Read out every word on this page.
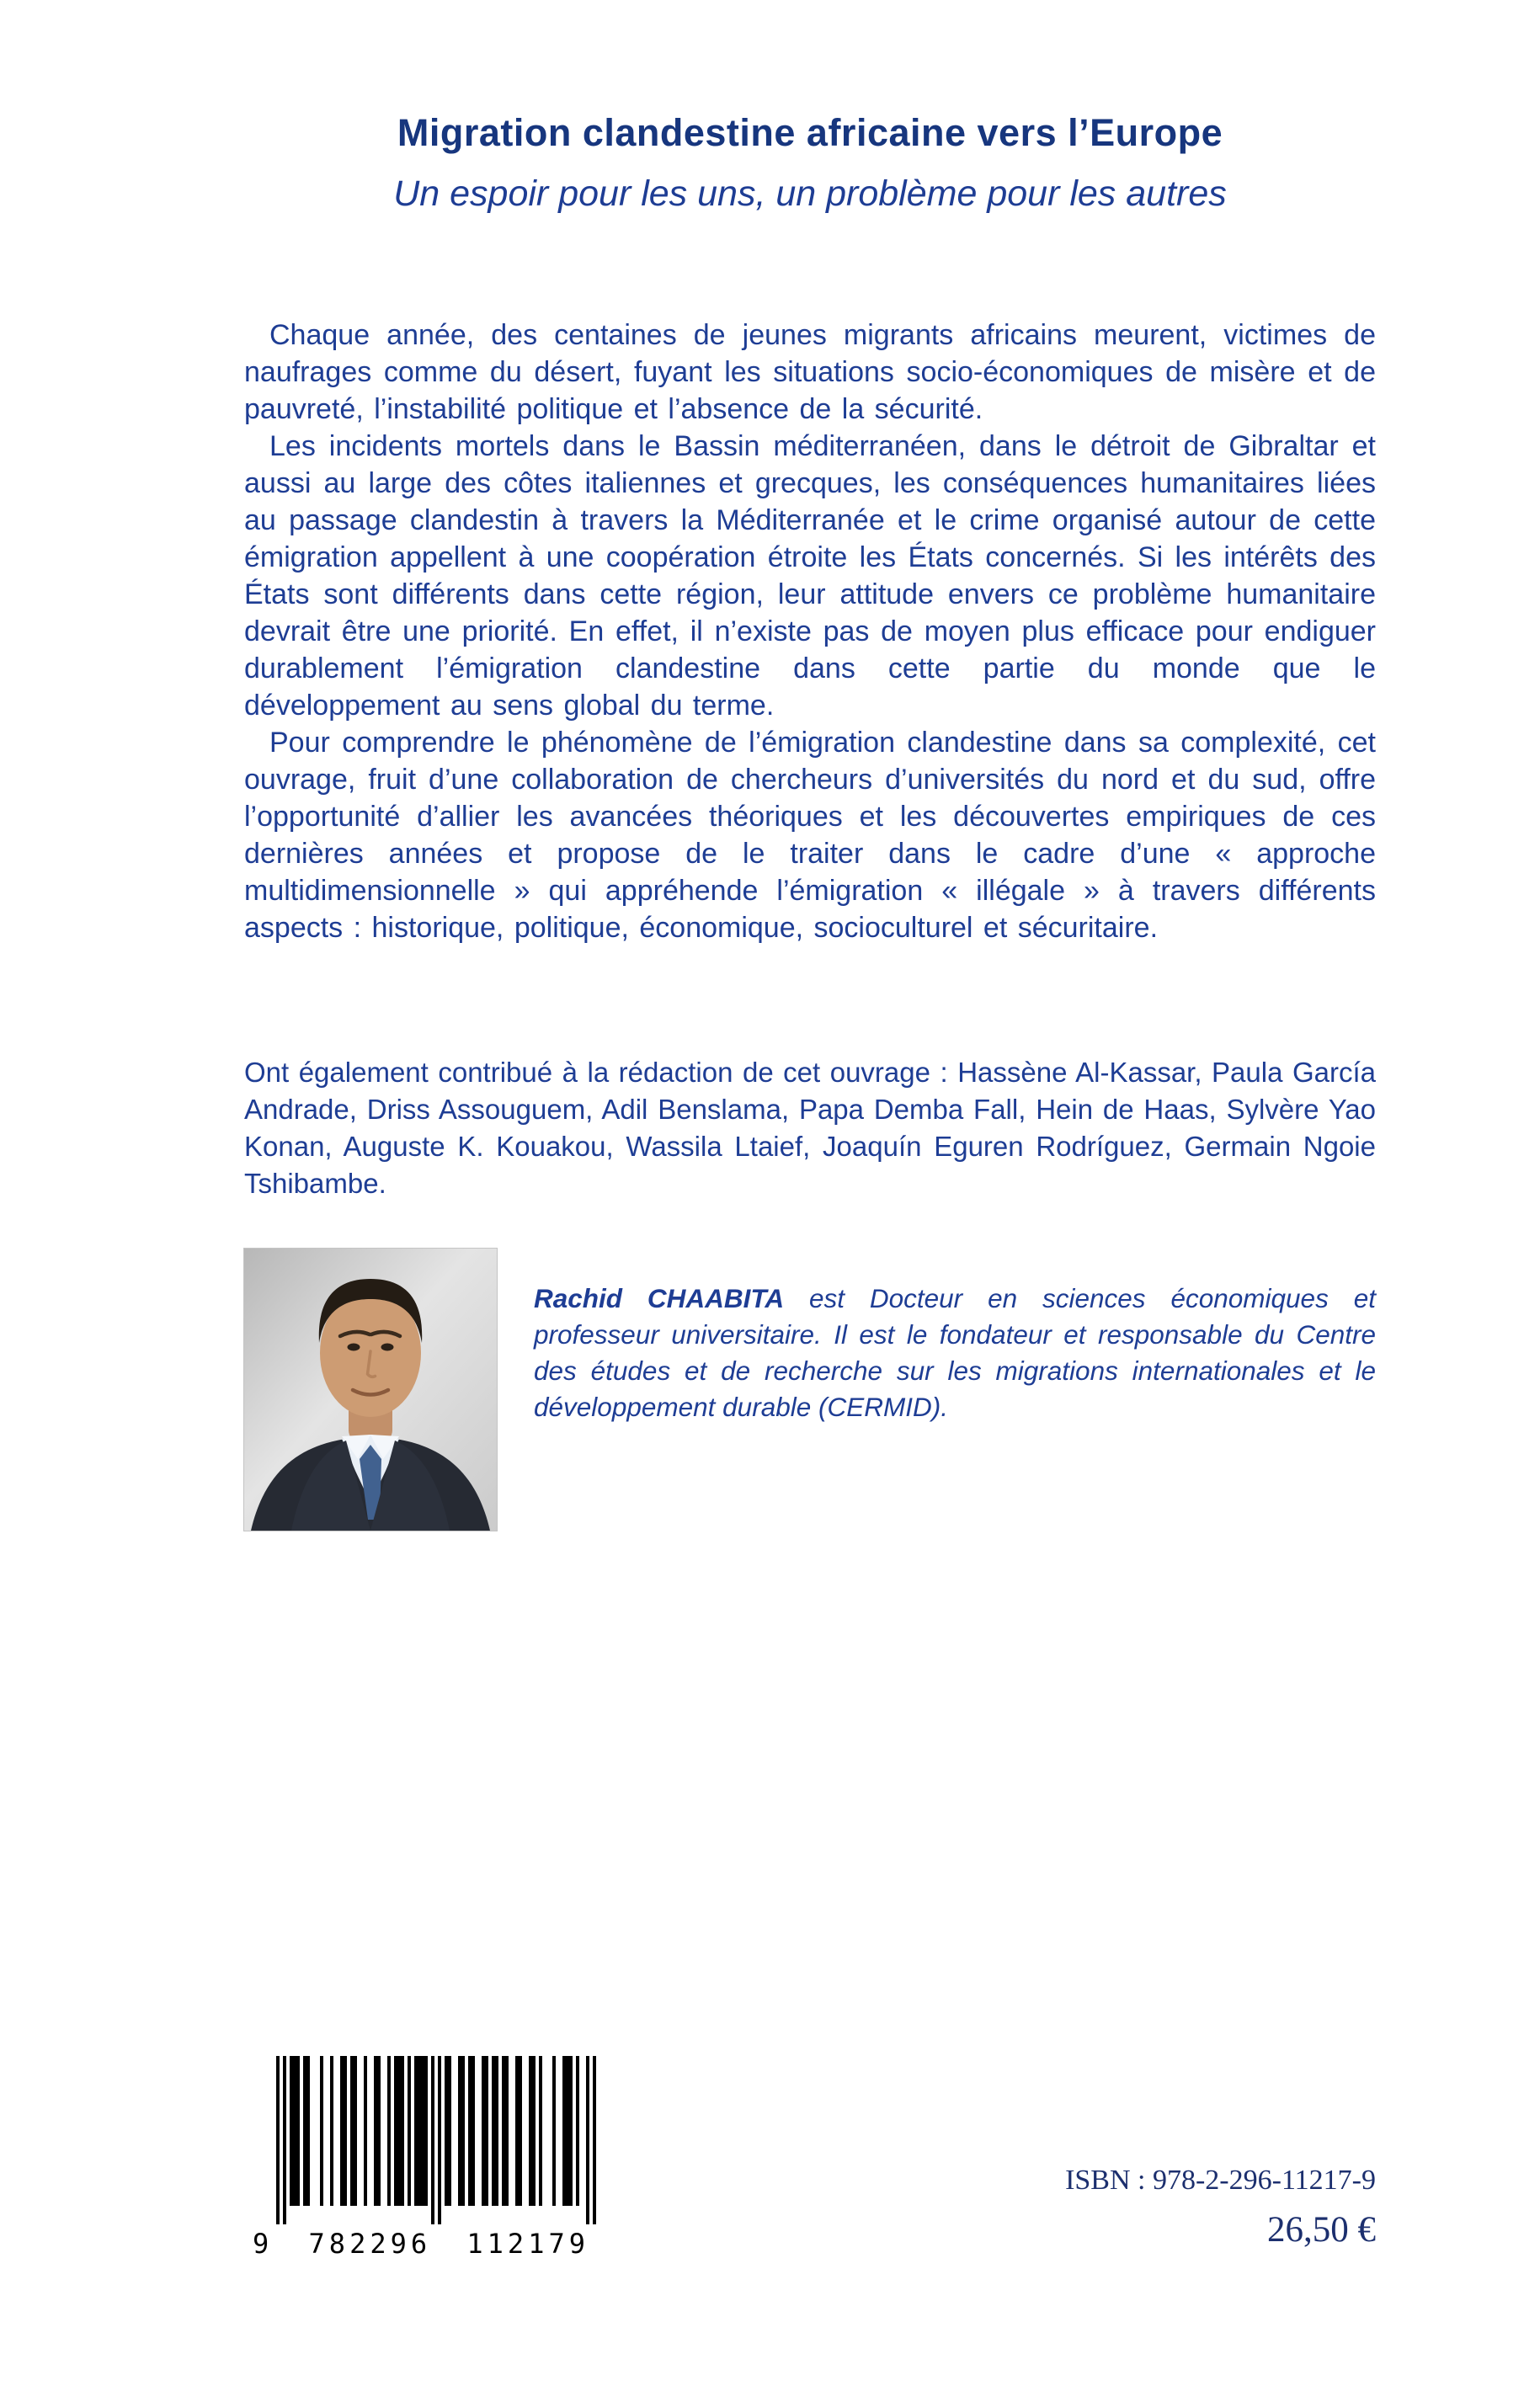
Migration clandestine africaine vers l’Europe
Un espoir pour les uns, un problème pour les autres

Chaque année, des centaines de jeunes migrants africains meurent, victimes de naufrages comme du désert, fuyant les situations socio-économiques de misère et de pauvreté, l’instabilité politique et l’absence de la sécurité.

Les incidents mortels dans le Bassin méditerranéen, dans le détroit de Gibraltar et aussi au large des côtes italiennes et grecques, les conséquences humanitaires liées au passage clandestin à travers la Méditerranée et le crime organisé autour de cette émigration appellent à une coopération étroite les États concernés. Si les intérêts des États sont différents dans cette région, leur attitude envers ce problème humanitaire devrait être une priorité. En effet, il n’existe pas de moyen plus efficace pour endiguer durablement l’émigration clandestine dans cette partie du monde que le développement au sens global du terme.

Pour comprendre le phénomène de l’émigration clandestine dans sa complexité, cet ouvrage, fruit d’une collaboration de chercheurs d’universités du nord et du sud, offre l’opportunité d’allier les avancées théoriques et les découvertes empiriques de ces dernières années et propose de le traiter dans le cadre d’une « approche multidimensionnelle » qui appréhende l’émigration « illégale » à travers différents aspects : historique, politique, économique, socioculturel et sécuritaire.

Ont également contribué à la rédaction de cet ouvrage : Hassène Al-Kassar, Paula García Andrade, Driss Assouguem, Adil Benslama, Papa Demba Fall, Hein de Haas, Sylvère Yao Konan, Auguste K. Kouakou, Wassila Ltaief, Joaquín Eguren Rodríguez, Germain Ngoie Tshibambe.

Rachid CHAABITA est Docteur en sciences économiques et professeur universitaire. Il est le fondateur et responsable du Centre des études et de recherche sur les migrations internationales et le développement durable (CERMID).

9 782296 112179
ISBN : 978-2-296-11217-9
26,50 €
